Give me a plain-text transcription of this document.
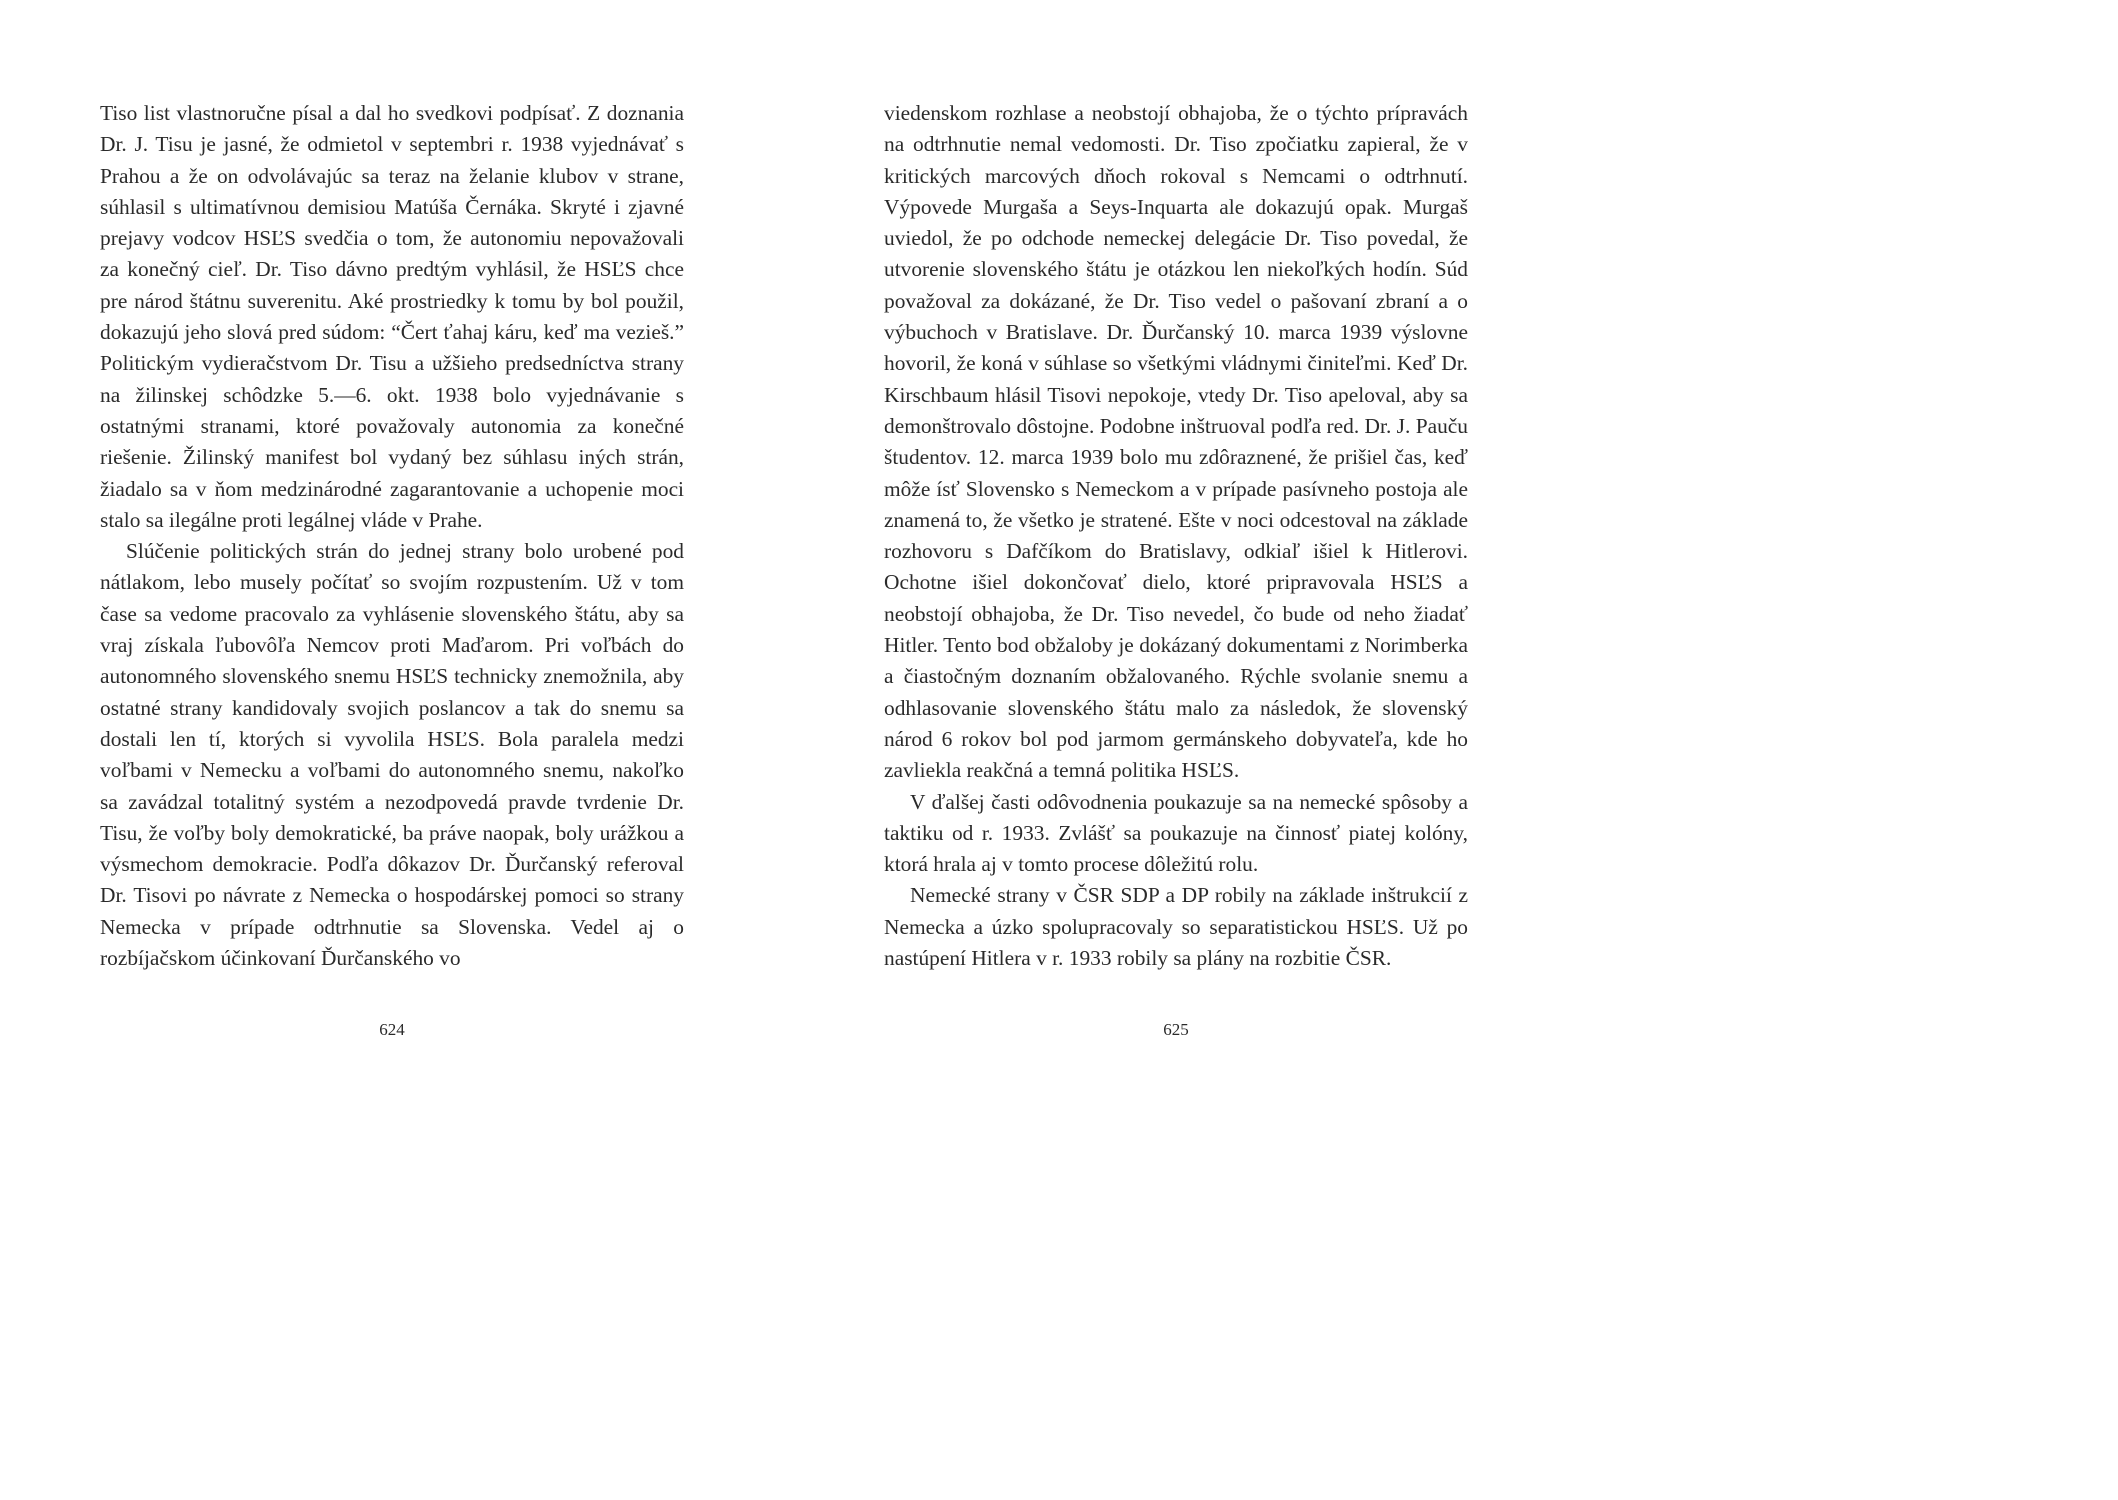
Tiso list vlastnoručne písal a dal ho svedkovi podpísať. Z doznania Dr. J. Tisu je jasné, že odmietol v septembri r. 1938 vyjednávať s Prahou a že on odvolávajúc sa teraz na želanie klubov v strane, súhlasil s ultimatívnou demisiou Matúša Černáka. Skryté i zjavné prejavy vodcov HSĽS svedčia o tom, že autonomiu nepovažovali za konečný cieľ. Dr. Tiso dávno predtým vyhlásil, že HSĽS chce pre národ štátnu suverenitu. Aké prostriedky k tomu by bol použil, dokazujú jeho slová pred súdom: “Čert ťahaj káru, keď ma vezieš.” Politickým vydieračstvom Dr. Tisu a užšieho predsedníctva strany na žilinskej schôdzke 5.—6. okt. 1938 bolo vyjednávanie s ostatnými stranami, ktoré považovaly autonomia za konečné riešenie. Žilinský manifest bol vydaný bez súhlasu iných strán, žiadalo sa v ňom medzinárodné zagarantovanie a uchopenie moci stalo sa ilegálne proti legálnej vláde v Prahe.

Slúčenie politických strán do jednej strany bolo urobené pod nátlakom, lebo musely počítať so svojím rozpustením. Už v tom čase sa vedome pracovalo za vyhlásenie slovenského štátu, aby sa vraj získala ľubovôľa Nemcov proti Maďarom. Pri voľbách do autonomného slovenského snemu HSĽS technicky znemožnila, aby ostatné strany kandidovaly svojich poslancov a tak do snemu sa dostali len tí, ktorých si vyvolila HSĽS. Bola paralela medzi voľbami v Nemecku a voľbami do autonomného snemu, nakoľko sa zavádzal totalitný systém a nezodpovedá pravde tvrdenie Dr. Tisu, že voľby boly demokratické, ba práve naopak, boly urážkou a výsmechom demokracie. Podľa dôkazov Dr. Ďurčanský referoval Dr. Tisovi po návrate z Nemecka o hospodárskej pomoci so strany Nemecka v prípade odtrhnutie sa Slovenska. Vedel aj o rozbíjačskom účinkovaní Ďurčanského vo

624

viedenskom rozhlase a neobstojí obhajoba, že o týchto prípravách na odtrhnutie nemal vedomosti. Dr. Tiso zpočiatku zapieral, že v kritických marcových dňoch rokoval s Nemcami o odtrhnutí. Výpovede Murgaša a Seys-Inquarta ale dokazujú opak. Murgaš uviedol, že po odchode nemeckej delegácie Dr. Tiso povedal, že utvorenie slovenského štátu je otázkou len niekoľkých hodín. Súd považoval za dokázané, že Dr. Tiso vedel o pašovaní zbraní a o výbuchoch v Bratislave. Dr. Ďurčanský 10. marca 1939 výslovne hovoril, že koná v súhlase so všetkými vládnymi činiteľmi. Keď Dr. Kirschbaum hlásil Tisovi nepokoje, vtedy Dr. Tiso apeloval, aby sa demonštrovalo dôstojne. Podobne inštruoval podľa red. Dr. J. Pauču študentov. 12. marca 1939 bolo mu zdôraznené, že prišiel čas, keď môže ísť Slovensko s Nemeckom a v prípade pasívneho postoja ale znamená to, že všetko je stratené. Ešte v noci odcestoval na základe rozhovoru s Dafčíkom do Bratislavy, odkiaľ išiel k Hitlerovi. Ochotne išiel dokončovať dielo, ktoré pripravovala HSĽS a neobstojí obhajoba, že Dr. Tiso nevedel, čo bude od neho žiadať Hitler. Tento bod obžaloby je dokázaný dokumentami z Norimberka a čiastočným doznaním obžalovaného. Rýchle svolanie snemu a odhlasovanie slovenského štátu malo za následok, že slovenský národ 6 rokov bol pod jarmom germánskeho dobyvateľa, kde ho zavliekla reakčná a temná politika HSĽS.

V ďalšej časti odôvodnenia poukazuje sa na nemecké spôsoby a taktiku od r. 1933. Zvlášť sa poukazuje na činnosť piatej kolóny, ktorá hrala aj v tomto procese dôležitú rolu.

Nemecké strany v ČSR SDP a DP robily na základe inštrukcií z Nemecka a úzko spolupracovaly so separatistickou HSĽS. Už po nastúpení Hitlera v r. 1933 robily sa plány na rozbitie ČSR.

625
